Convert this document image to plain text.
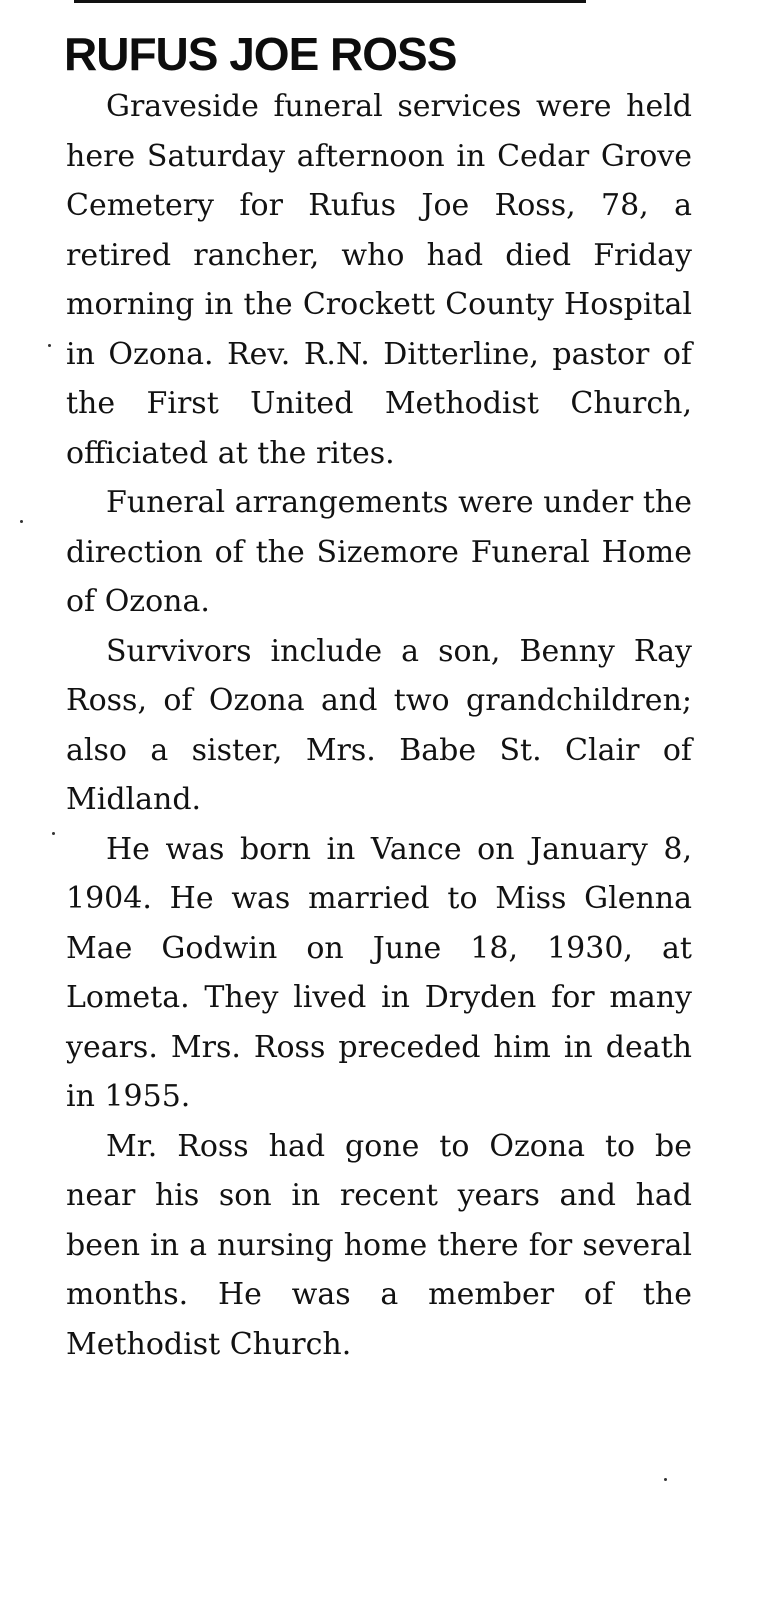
RUFUS JOE ROSS

Graveside funeral services were held here Saturday afternoon in Cedar Grove Cemetery for Rufus Joe Ross, 78, a retired rancher, who had died Friday morning in the Crockett County Hospital in Ozona. Rev. R.N. Ditterline, pastor of the First United Methodist Church, officiated at the rites.

Funeral arrangements were under the direction of the Sizemore Funeral Home of Ozona.

Survivors include a son, Benny Ray Ross, of Ozona and two grandchildren; also a sister, Mrs. Babe St. Clair of Midland.

He was born in Vance on January 8, 1904. He was married to Miss Glenna Mae Godwin on June 18, 1930, at Lometa. They lived in Dryden for many years. Mrs. Ross preceded him in death in 1955.

Mr. Ross had gone to Ozona to be near his son in recent years and had been in a nursing home there for several months. He was a member of the Methodist Church.
